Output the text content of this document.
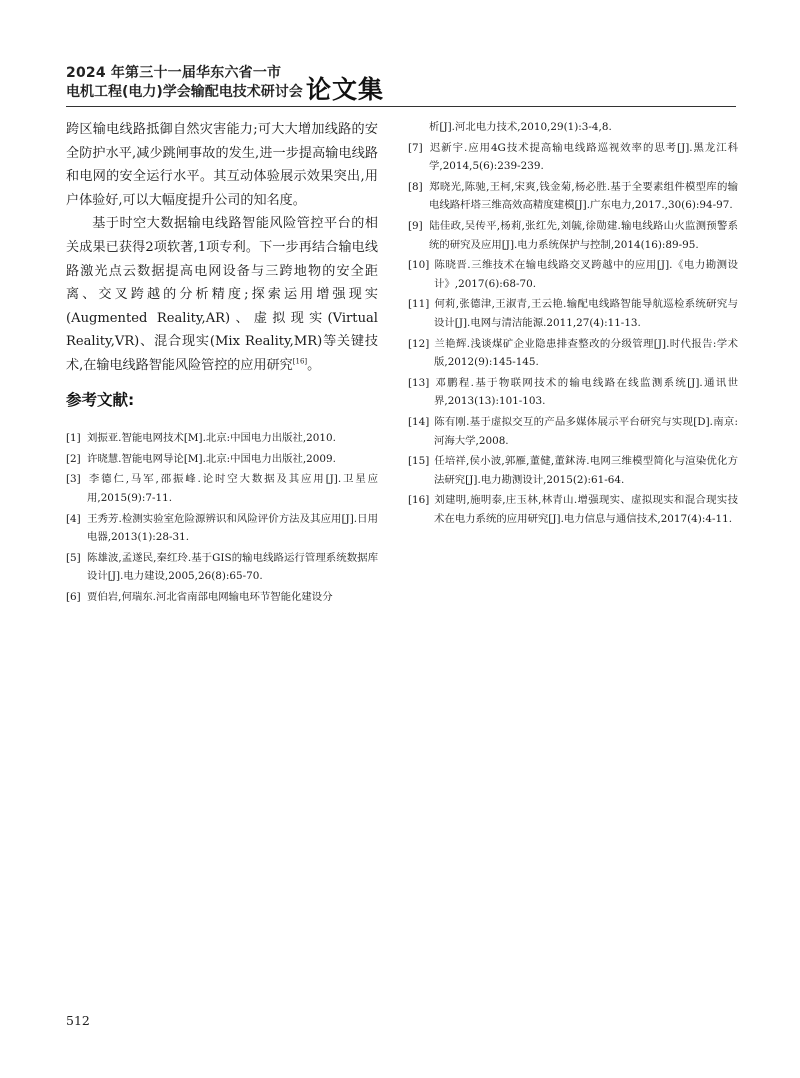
2024 年第三十一届华东六省一市
电机工程(电力)学会输配电技术研讨会 论文集

跨区输电线路抵御自然灾害能力;可大大增加线路的安全防护水平,减少跳闸事故的发生,进一步提高输电线路和电网的安全运行水平。其互动体验展示效果突出,用户体验好,可以大幅度提升公司的知名度。

基于时空大数据输电线路智能风险管控平台的相关成果已获得2项软著,1项专利。下一步再结合输电线路激光点云数据提高电网设备与三跨地物的安全距离、交叉跨越的分析精度;探索运用增强现实(Augmented Reality,AR)、虚拟现实(Virtual Reality,VR)、混合现实(Mix Reality,MR)等关键技术,在输电线路智能风险管控的应用研究[16]。

参考文献:
[1] 刘振亚.智能电网技术[M].北京:中国电力出版社,2010.
[2] 许晓慧.智能电网导论[M].北京:中国电力出版社,2009.
[3] 李德仁,马军,邵振峰.论时空大数据及其应用[J].卫星应用,2015(9):7-11.
[4] 王秀芳.检测实验室危险源辨识和风险评价方法及其应用[J].日用电器,2013(1):28-31.
[5] 陈雄波,孟遂民,秦红玲.基于GIS的输电线路运行管理系统数据库设计[J].电力建设,2005,26(8):65-70.
[6] 贾伯岩,何瑞东.河北省南部电网输电环节智能化建设分
析[J].河北电力技术,2010,29(1):3-4,8.
[7] 迟新宇.应用4G技术提高输电线路巡视效率的思考[J].黑龙江科学,2014,5(6):239-239.
[8] 郑晓光,陈驰,王柯,宋爽,钱金菊,杨必胜.基于全要素组件模型库的输电线路杆塔三维高效高精度建模[J].广东电力,2017.,30(6):94-97.
[9] 陆佳政,吴传平,杨莉,张红先,刘毓,徐勋建.输电线路山火监测预警系统的研究及应用[J].电力系统保护与控制,2014(16):89-95.
[10] 陈晓晋.三维技术在输电线路交叉跨越中的应用[J].《电力勘测设计》,2017(6):68-70.
[11] 何莉,张德津,王淑青,王云艳.输配电线路智能导航巡检系统研究与设计[J].电网与清洁能源.2011,27(4):11-13.
[12] 兰艳辉.浅谈煤矿企业隐患排查整改的分级管理[J].时代报告:学术版,2012(9):145-145.
[13] 邓鹏程.基于物联网技术的输电线路在线监测系统[J].通讯世界,2013(13):101-103.
[14] 陈有刚.基于虚拟交互的产品多媒体展示平台研究与实现[D].南京:河海大学,2008.
[15] 任培祥,侯小波,郭雁,董健,董鉥涛.电网三维模型简化与渲染优化方法研究[J].电力勘测设计,2015(2):61-64.
[16] 刘建明,施明泰,庄玉林,林青山.增强现实、虚拟现实和混合现实技术在电力系统的应用研究[J].电力信息与通信技术,2017(4):4-11.
512
